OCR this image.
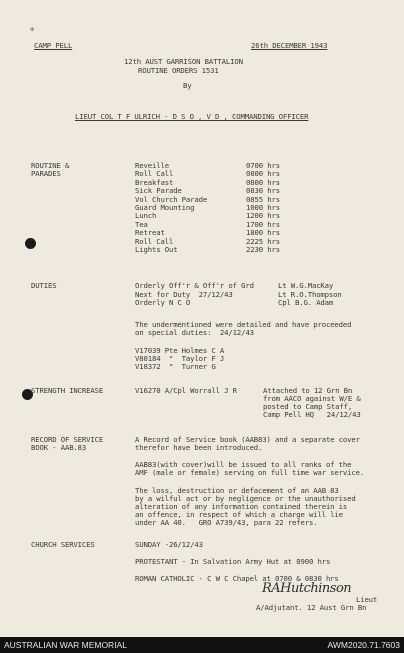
✢
CAMP PELL	26th DECEMBER 1943
12th AUST GARRISON BATTALION
ROUTINE ORDERS 1531
By
LIEUT COL T F ULRICH - D S O , V D , COMMANDING OFFICER
ROUTINE &
PARADES
Reveille	0700 hrs
Roll Call	0800 hrs
Breakfast	0800 hrs
Sick Parade	0830 hrs
Vol Church Parade	0855 hrs
Guard Mounting	1000 hrs
Lunch	1200 hrs
Tea	1700 hrs
Retreat	1800 hrs
Roll Call	2225 hrs
Lights Out	2230 hrs
DUTIES	Orderly Off'r & Off'r of Grd	Lt W.G.MacKay
Next for Duty  27/12/43	Lt R.O.Thompson
Orderly N C O	Cpl B.G. Adam
The undermentioned were detailed and have proceeded
on special duties:  24/12/43
V17039 Pte Holmes C A
V80184  "  Taylor F J
V18372  "  Turner G
STRENGTH INCREASE	V16270 A/Cpl Worrall J R	Attached to 12 Grn Bn
from AACO against W/E &
posted to Camp Staff,
Camp Pell HQ   24/12/43
RECORD OF SERVICE
BOOK - AAB.83
A Record of Service book (AAB83) and a separate cover
therefor have been introduced.
AAB83(with cover)will be issued to all ranks of the
AMF (male or female) serving on full time war service.
The loss, destruction or defacement of an AAB 83
by a wilful act or by negligence or the unauthorised
alteration of any information contained therein is
an offence, in respect of which a charge will lie
under AA 40.   GRO A739/43, para 22 refers.
CHURCH SERVICES	SUNDAY -26/12/43
PROTESTANT - In Salvation Army Hut at 0900 hrs
ROMAN CATHOLIC - C W C Chapel at 0700 & 0830 hrs
RAHutchinson
Lieut
A/Adjutant. 12 Aust Grn Bn
AUSTRALIAN WAR MEMORIAL	AWM2020.71.7603
